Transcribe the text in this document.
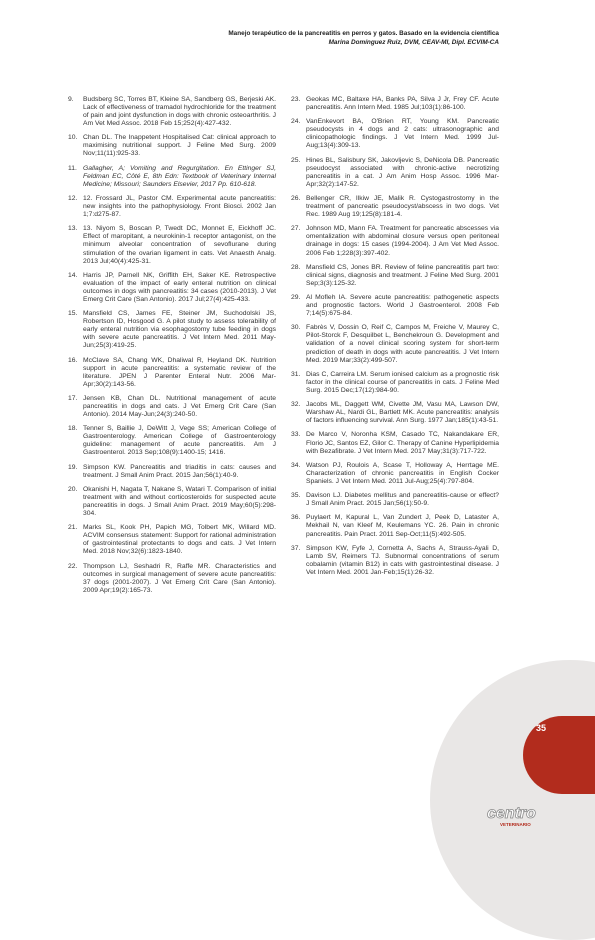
Manejo terapéutico de la pancreatitis en perros y gatos. Basado en la evidencia científica
Marina Domínguez Ruiz, DVM, CEAV-MI, Dipl. ECVIM-CA
9.	Budsberg SC, Torres BT, Kleine SA, Sandberg GS, Berjeski AK. Lack of effectiveness of tramadol hydrochloride for the treatment of pain and joint dysfunction in dogs with chronic osteoarthritis. J Am Vet Med Assoc. 2018 Feb 15;252(4):427-432.
10. Chan DL. The Inappetent Hospitalised Cat: clinical approach to maximising nutritional support. J Feline Med Surg. 2009 Nov;11(11):925-33.
11. Gallagher, A; Vomiting and Regurgitation. En Ettinger SJ, Feldman EC, Côté E, 8th Edn: Textbook of Veterinary Internal Medicine; Missouri; Saunders Elsevier, 2017 Pp. 610-618.
12. 12. Frossard JL, Pastor CM. Experimental acute pancreatitis: new insights into the pathophysiology. Front Biosci. 2002 Jan 1;7:d275-87.
13. 13. Niyom S, Boscan P, Twedt DC, Monnet E, Eickhoff JC. Effect of maropitant, a neurokinin-1 receptor antagonist, on the minimum alveolar concentration of sevoflurane during stimulation of the ovarian ligament in cats. Vet Anaesth Analg. 2013 Jul;40(4):425-31.
14. Harris JP, Parnell NK, Griffith EH, Saker KE. Retrospective evaluation of the impact of early enteral nutrition on clinical outcomes in dogs with pancreatitis: 34 cases (2010-2013). J Vet Emerg Crit Care (San Antonio). 2017 Jul;27(4):425-433.
15. Mansfield CS, James FE, Steiner JM, Suchodolski JS, Robertson ID, Hosgood G. A pilot study to assess tolerability of early enteral nutrition via esophagostomy tube feeding in dogs with severe acute pancreatitis. J Vet Intern Med. 2011 May-Jun;25(3):419-25.
16. McClave SA, Chang WK, Dhaliwal R, Heyland DK. Nutrition support in acute pancreatitis: a systematic review of the literature. JPEN J Parenter Enteral Nutr. 2006 Mar-Apr;30(2):143-56.
17. Jensen KB, Chan DL. Nutritional management of acute pancreatitis in dogs and cats. J Vet Emerg Crit Care (San Antonio). 2014 May-Jun;24(3):240-50.
18. Tenner S, Baillie J, DeWitt J, Vege SS; American College of Gastroenterology. American College of Gastroenterology guideline: management of acute pancreatitis. Am J Gastroenterol. 2013 Sep;108(9):1400-15; 1416.
19. Simpson KW. Pancreatitis and triaditis in cats: causes and treatment. J Small Anim Pract. 2015 Jan;56(1):40-9.
20. Okanishi H, Nagata T, Nakane S, Watari T. Comparison of initial treatment with and without corticosteroids for suspected acute pancreatitis in dogs. J Small Anim Pract. 2019 May;60(5):298-304.
21. Marks SL, Kook PH, Papich MG, Tolbert MK, Willard MD. ACVIM consensus statement: Support for rational administration of gastrointestinal protectants to dogs and cats. J Vet Intern Med. 2018 Nov;32(6):1823-1840.
22. Thompson LJ, Seshadri R, Raffe MR. Characteristics and outcomes in surgical management of severe acute pancreatitis: 37 dogs (2001-2007). J Vet Emerg Crit Care (San Antonio). 2009 Apr;19(2):165-73.
23. Geokas MC, Baltaxe HA, Banks PA, Silva J Jr, Frey CF. Acute pancreatitis. Ann Intern Med. 1985 Jul;103(1):86-100.
24. VanEnkevort BA, O'Brien RT, Young KM. Pancreatic pseudocysts in 4 dogs and 2 cats: ultrasonographic and clinicopathologic findings. J Vet Intern Med. 1999 Jul-Aug;13(4):309-13.
25. Hines BL, Salisbury SK, Jakovljevic S, DeNicola DB. Pancreatic pseudocyst associated with chronic-active necrotizing pancreatitis in a cat. J Am Anim Hosp Assoc. 1996 Mar-Apr;32(2):147-52.
26. Bellenger CR, Ilkiw JE, Malik R. Cystogastrostomy in the treatment of pancreatic pseudocyst/abscess in two dogs. Vet Rec. 1989 Aug 19;125(8):181-4.
27. Johnson MD, Mann FA. Treatment for pancreatic abscesses via omentalization with abdominal closure versus open peritoneal drainage in dogs: 15 cases (1994-2004). J Am Vet Med Assoc. 2006 Feb 1;228(3):397-402.
28. Mansfield CS, Jones BR. Review of feline pancreatitis part two: clinical signs, diagnosis and treatment. J Feline Med Surg. 2001 Sep;3(3):125-32.
29. Al Mofleh IA. Severe acute pancreatitis: pathogenetic aspects and prognostic factors. World J Gastroenterol. 2008 Feb 7;14(5):675-84.
30. Fabrès V, Dossin O, Reif C, Campos M, Freiche V, Maurey C, Pilot-Storck F, Desquilbet L, Benchekroun G. Development and validation of a novel clinical scoring system for short-term prediction of death in dogs with acute pancreatitis. J Vet Intern Med. 2019 Mar;33(2):499-507.
31. Dias C, Carreira LM. Serum ionised calcium as a prognostic risk factor in the clinical course of pancreatitis in cats. J Feline Med Surg. 2015 Dec;17(12):984-90.
32. Jacobs ML, Daggett WM, Civette JM, Vasu MA, Lawson DW, Warshaw AL, Nardi GL, Bartlett MK. Acute pancreatitis: analysis of factors influencing survival. Ann Surg. 1977 Jan;185(1):43-51.
33. De Marco V, Noronha KSM, Casado TC, Nakandakare ER, Florio JC, Santos EZ, Gilor C. Therapy of Canine Hyperlipidemia with Bezafibrate. J Vet Intern Med. 2017 May;31(3):717-722.
34. Watson PJ, Roulois A, Scase T, Holloway A, Herrtage ME. Characterization of chronic pancreatitis in English Cocker Spaniels. J Vet Intern Med. 2011 Jul-Aug;25(4):797-804.
35. Davison LJ. Diabetes mellitus and pancreatitis-cause or effect? J Small Anim Pract. 2015 Jan;56(1):50-9.
36. Puylaert M, Kapural L, Van Zundert J, Peek D, Lataster A, Mekhail N, van Kleef M, Keulemans YC. 26. Pain in chronic pancreatitis. Pain Pract. 2011 Sep-Oct;11(5):492-505.
37. Simpson KW, Fyfe J, Cornetta A, Sachs A, Strauss-Ayali D, Lamb SV, Reimers TJ. Subnormal concentrations of serum cobalamin (vitamin B12) in cats with gastrointestinal disease. J Vet Intern Med. 2001 Jan-Feb;15(1):26-32.
35
centro
VETERINARIO
